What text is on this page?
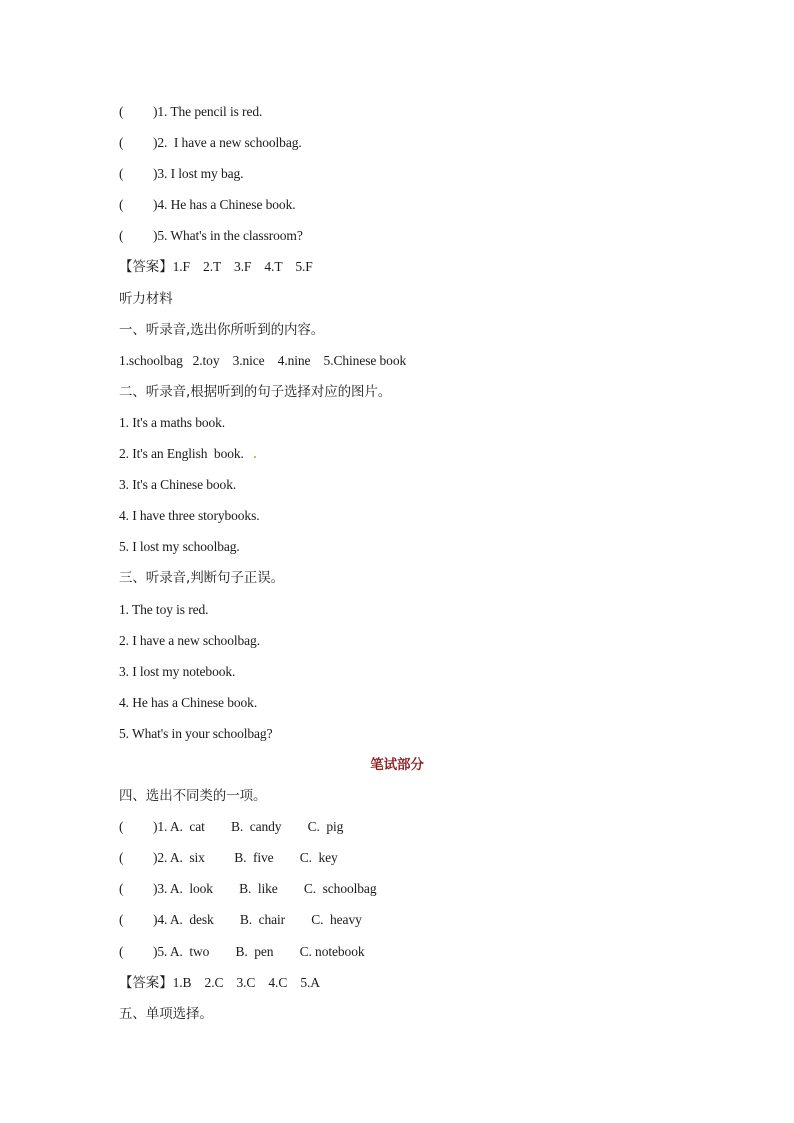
( )1. The pencil is red.
( )2.  I have a new schoolbag.
( )3. I lost my bag.
( )4. He has a Chinese book.
( )5. What's in the classroom?
【答案】1.F    2.T    3.F    4.T    5.F
听力材料
一、听录音,选出你所听到的内容。
1.schoolbag   2.toy    3.nice    4.nine    5.Chinese book
二、听录音,根据听到的句子选择对应的图片。
1. It's a maths book.
2. It's an English  book.
3. It's a Chinese book.
4. I have three storybooks.
5. I lost my schoolbag.
三、听录音,判断句子正误。
1. The toy is red.
2. I have a new schoolbag.
3. I lost my notebook.
4. He has a Chinese book.
5. What's in your schoolbag?
笔试部分
四、选出不同类的一项。
( )1. A.  cat        B.  candy        C.  pig
( )2. A.  six         B.  five        C.  key
( )3. A.  look        B.  like        C.  schoolbag
( )4. A.  desk        B.  chair        C.  heavy
( )5. A.  two        B.  pen        C. notebook
【答案】1.B    2.C    3.C    4.C    5.A
五、单项选择。
